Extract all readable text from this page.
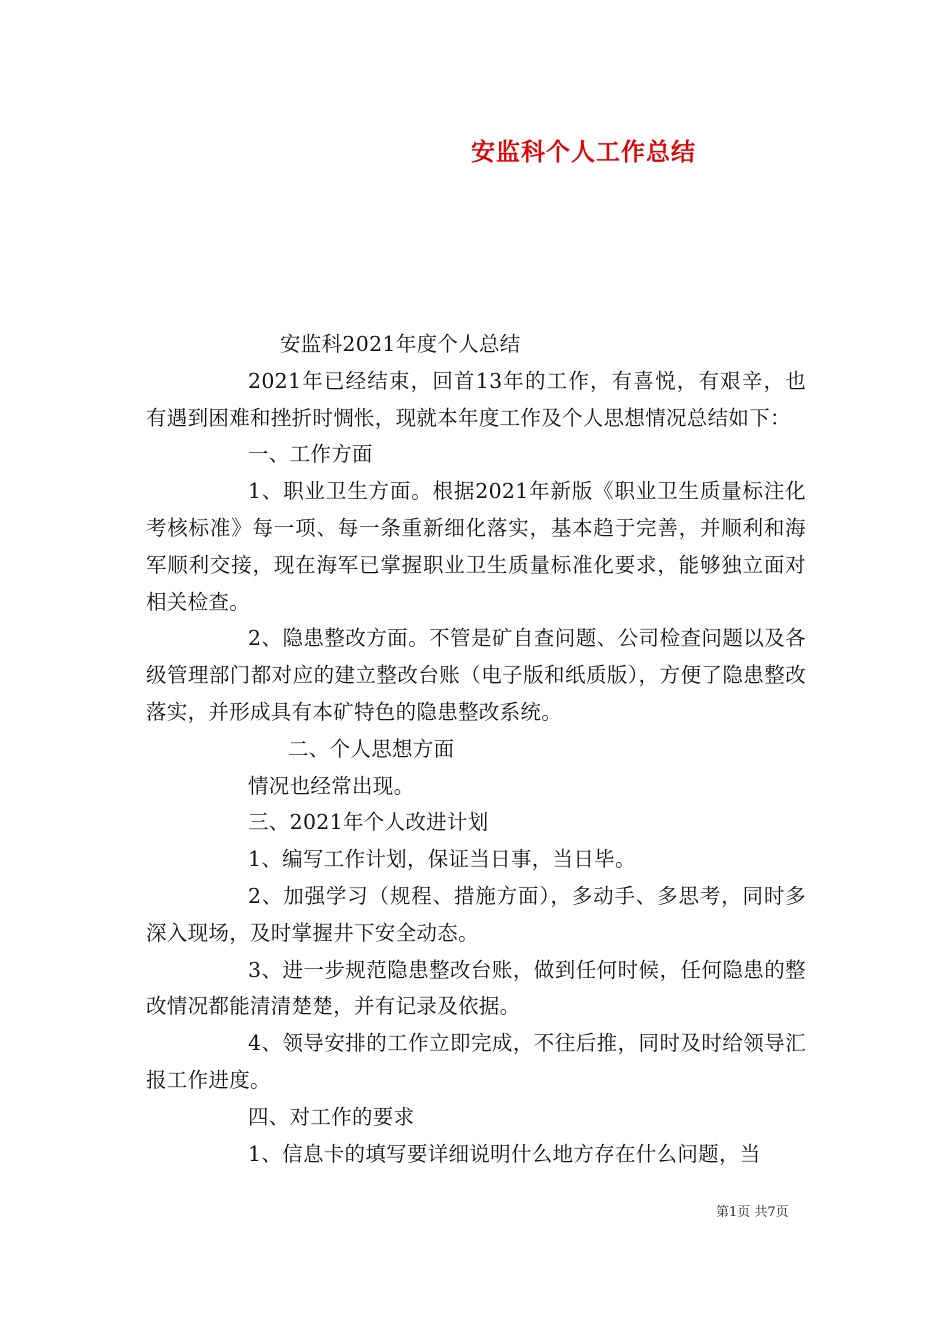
安监科个人工作总结

安监科2021年度个人总结

2021年已经结束，回首13年的工作，有喜悦，有艰辛，也有遇到困难和挫折时惆怅，现就本年度工作及个人思想情况总结如下：

一、工作方面

1、职业卫生方面。根据2021年新版《职业卫生质量标注化考核标准》每一项、每一条重新细化落实，基本趋于完善，并顺利和海军顺利交接，现在海军已掌握职业卫生质量标准化要求，能够独立面对相关检查。

2、隐患整改方面。不管是矿自查问题、公司检查问题以及各级管理部门都对应的建立整改台账（电子版和纸质版），方便了隐患整改落实，并形成具有本矿特色的隐患整改系统。

二、个人思想方面

情况也经常出现。

三、2021年个人改进计划

1、编写工作计划，保证当日事，当日毕。

2、加强学习（规程、措施方面），多动手、多思考，同时多深入现场，及时掌握井下安全动态。

3、进一步规范隐患整改台账，做到任何时候，任何隐患的整改情况都能清清楚楚，并有记录及依据。

4、领导安排的工作立即完成，不往后推，同时及时给领导汇报工作进度。

四、对工作的要求

1、信息卡的填写要详细说明什么地方存在什么问题，当

第1页 共7页
